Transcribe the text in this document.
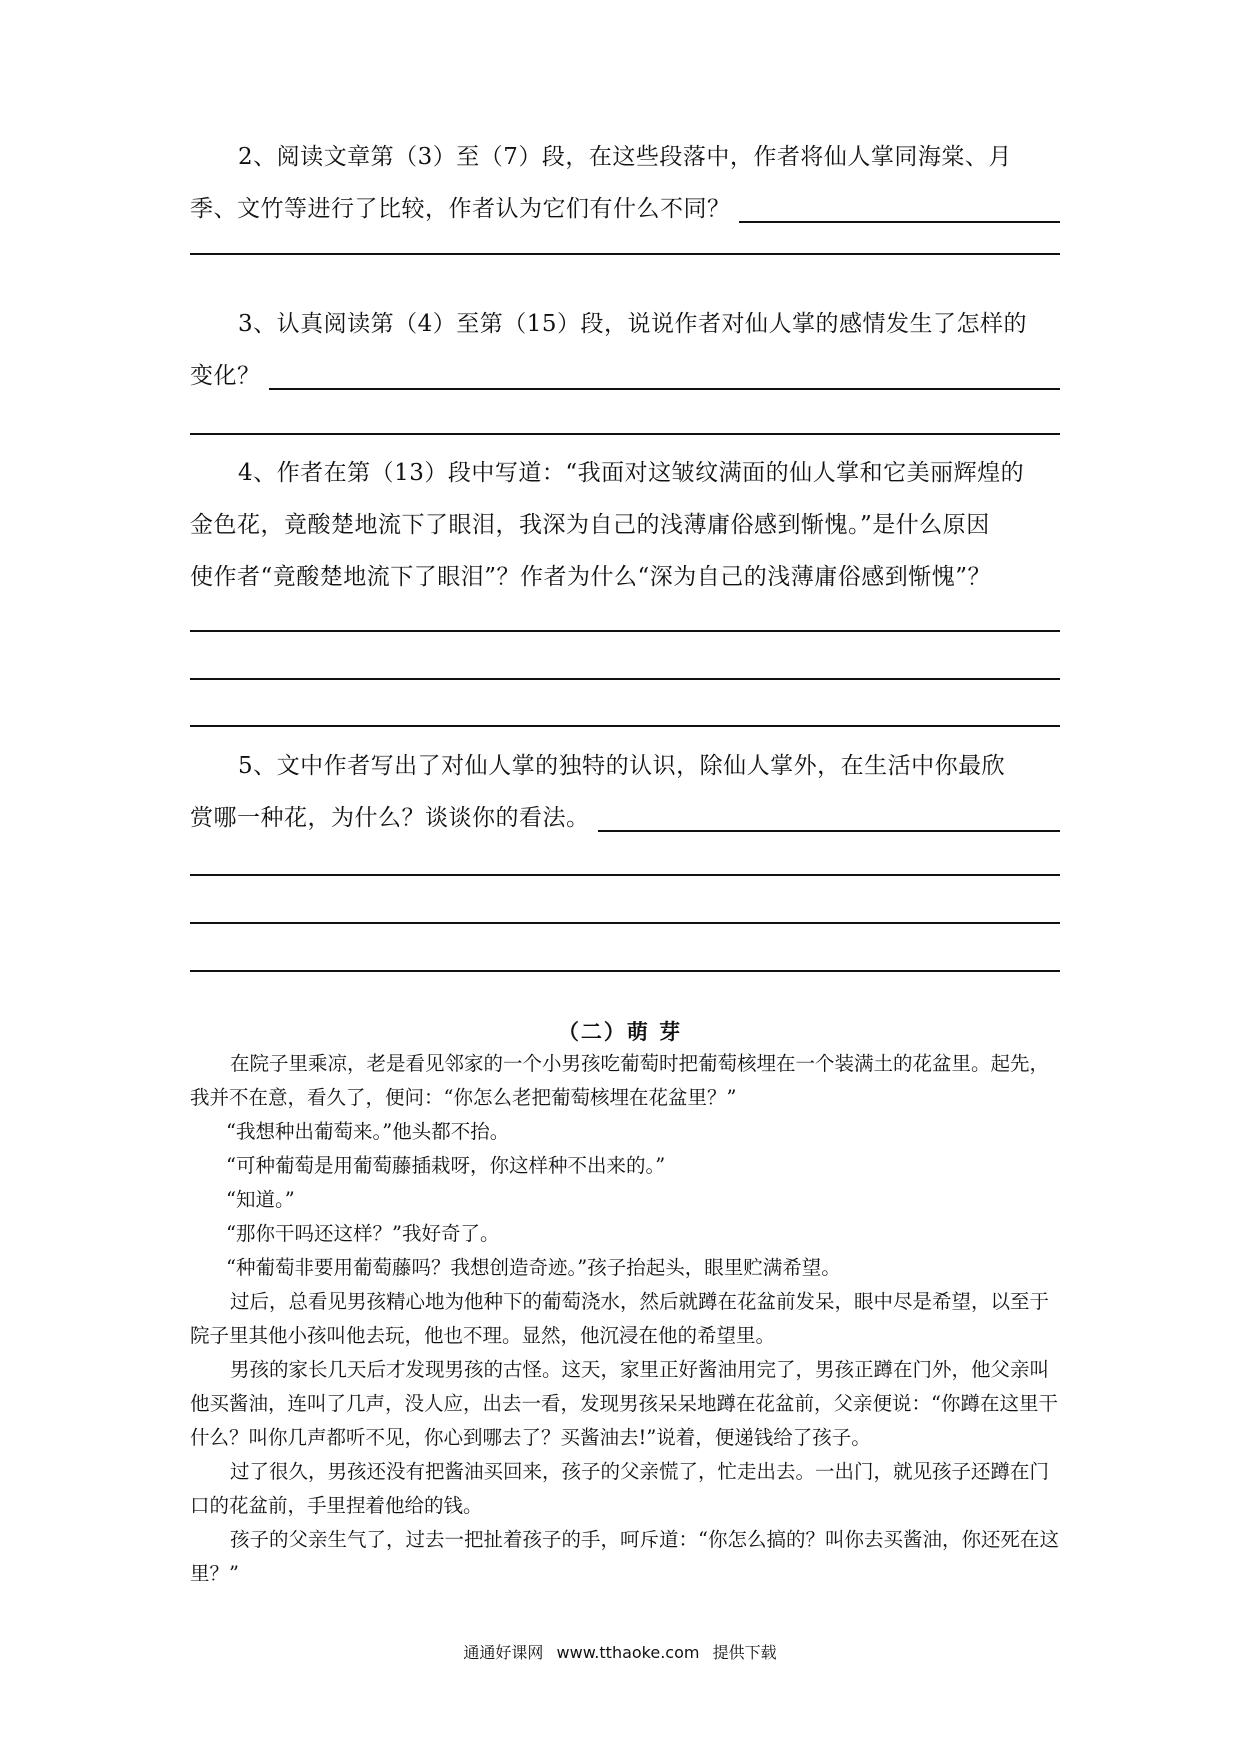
2、阅读文章第（3）至（7）段，在这些段落中，作者将仙人掌同海棠、月
季、文竹等进行了比较，作者认为它们有什么不同？
3、认真阅读第（4）至第（15）段，说说作者对仙人掌的感情发生了怎样的
变化？
4、作者在第（13）段中写道：“我面对这皱纹满面的仙人掌和它美丽辉煌的
金色花，竟酸楚地流下了眼泪，我深为自己的浅薄庸俗感到惭愧。”是什么原因
使作者“竟酸楚地流下了眼泪”？作者为什么“深为自己的浅薄庸俗感到惭愧”？
5、文中作者写出了对仙人掌的独特的认识，除仙人掌外，在生活中你最欣
赏哪一种花，为什么？谈谈你的看法。
（二）萌 芽

在院子里乘凉，老是看见邻家的一个小男孩吃葡萄时把葡萄核埋在一个装满土的花盆里。起先，我并不在意，看久了，便问：“你怎么老把葡萄核埋在花盆里？”

“我想种出葡萄来。”他头都不抬。

“可种葡萄是用葡萄藤插栽呀，你这样种不出来的。”

“知道。”

“那你干吗还这样？”我好奇了。

“种葡萄非要用葡萄藤吗？我想创造奇迹。”孩子抬起头，眼里贮满希望。

过后，总看见男孩精心地为他种下的葡萄浇水，然后就蹲在花盆前发呆，眼中尽是希望，以至于院子里其他小孩叫他去玩，他也不理。显然，他沉浸在他的希望里。

男孩的家长几天后才发现男孩的古怪。这天，家里正好酱油用完了，男孩正蹲在门外，他父亲叫他买酱油，连叫了几声，没人应，出去一看，发现男孩呆呆地蹲在花盆前，父亲便说：“你蹲在这里干什么？叫你几声都听不见，你心到哪去了？买酱油去!”说着，便递钱给了孩子。

过了很久，男孩还没有把酱油买回来，孩子的父亲慌了，忙走出去。一出门，就见孩子还蹲在门口的花盆前，手里捏着他给的钱。

孩子的父亲生气了，过去一把扯着孩子的手，呵斥道：“你怎么搞的？叫你去买酱油，你还死在这里？”

通通好课网 www.tthaoke.com 提供下载
